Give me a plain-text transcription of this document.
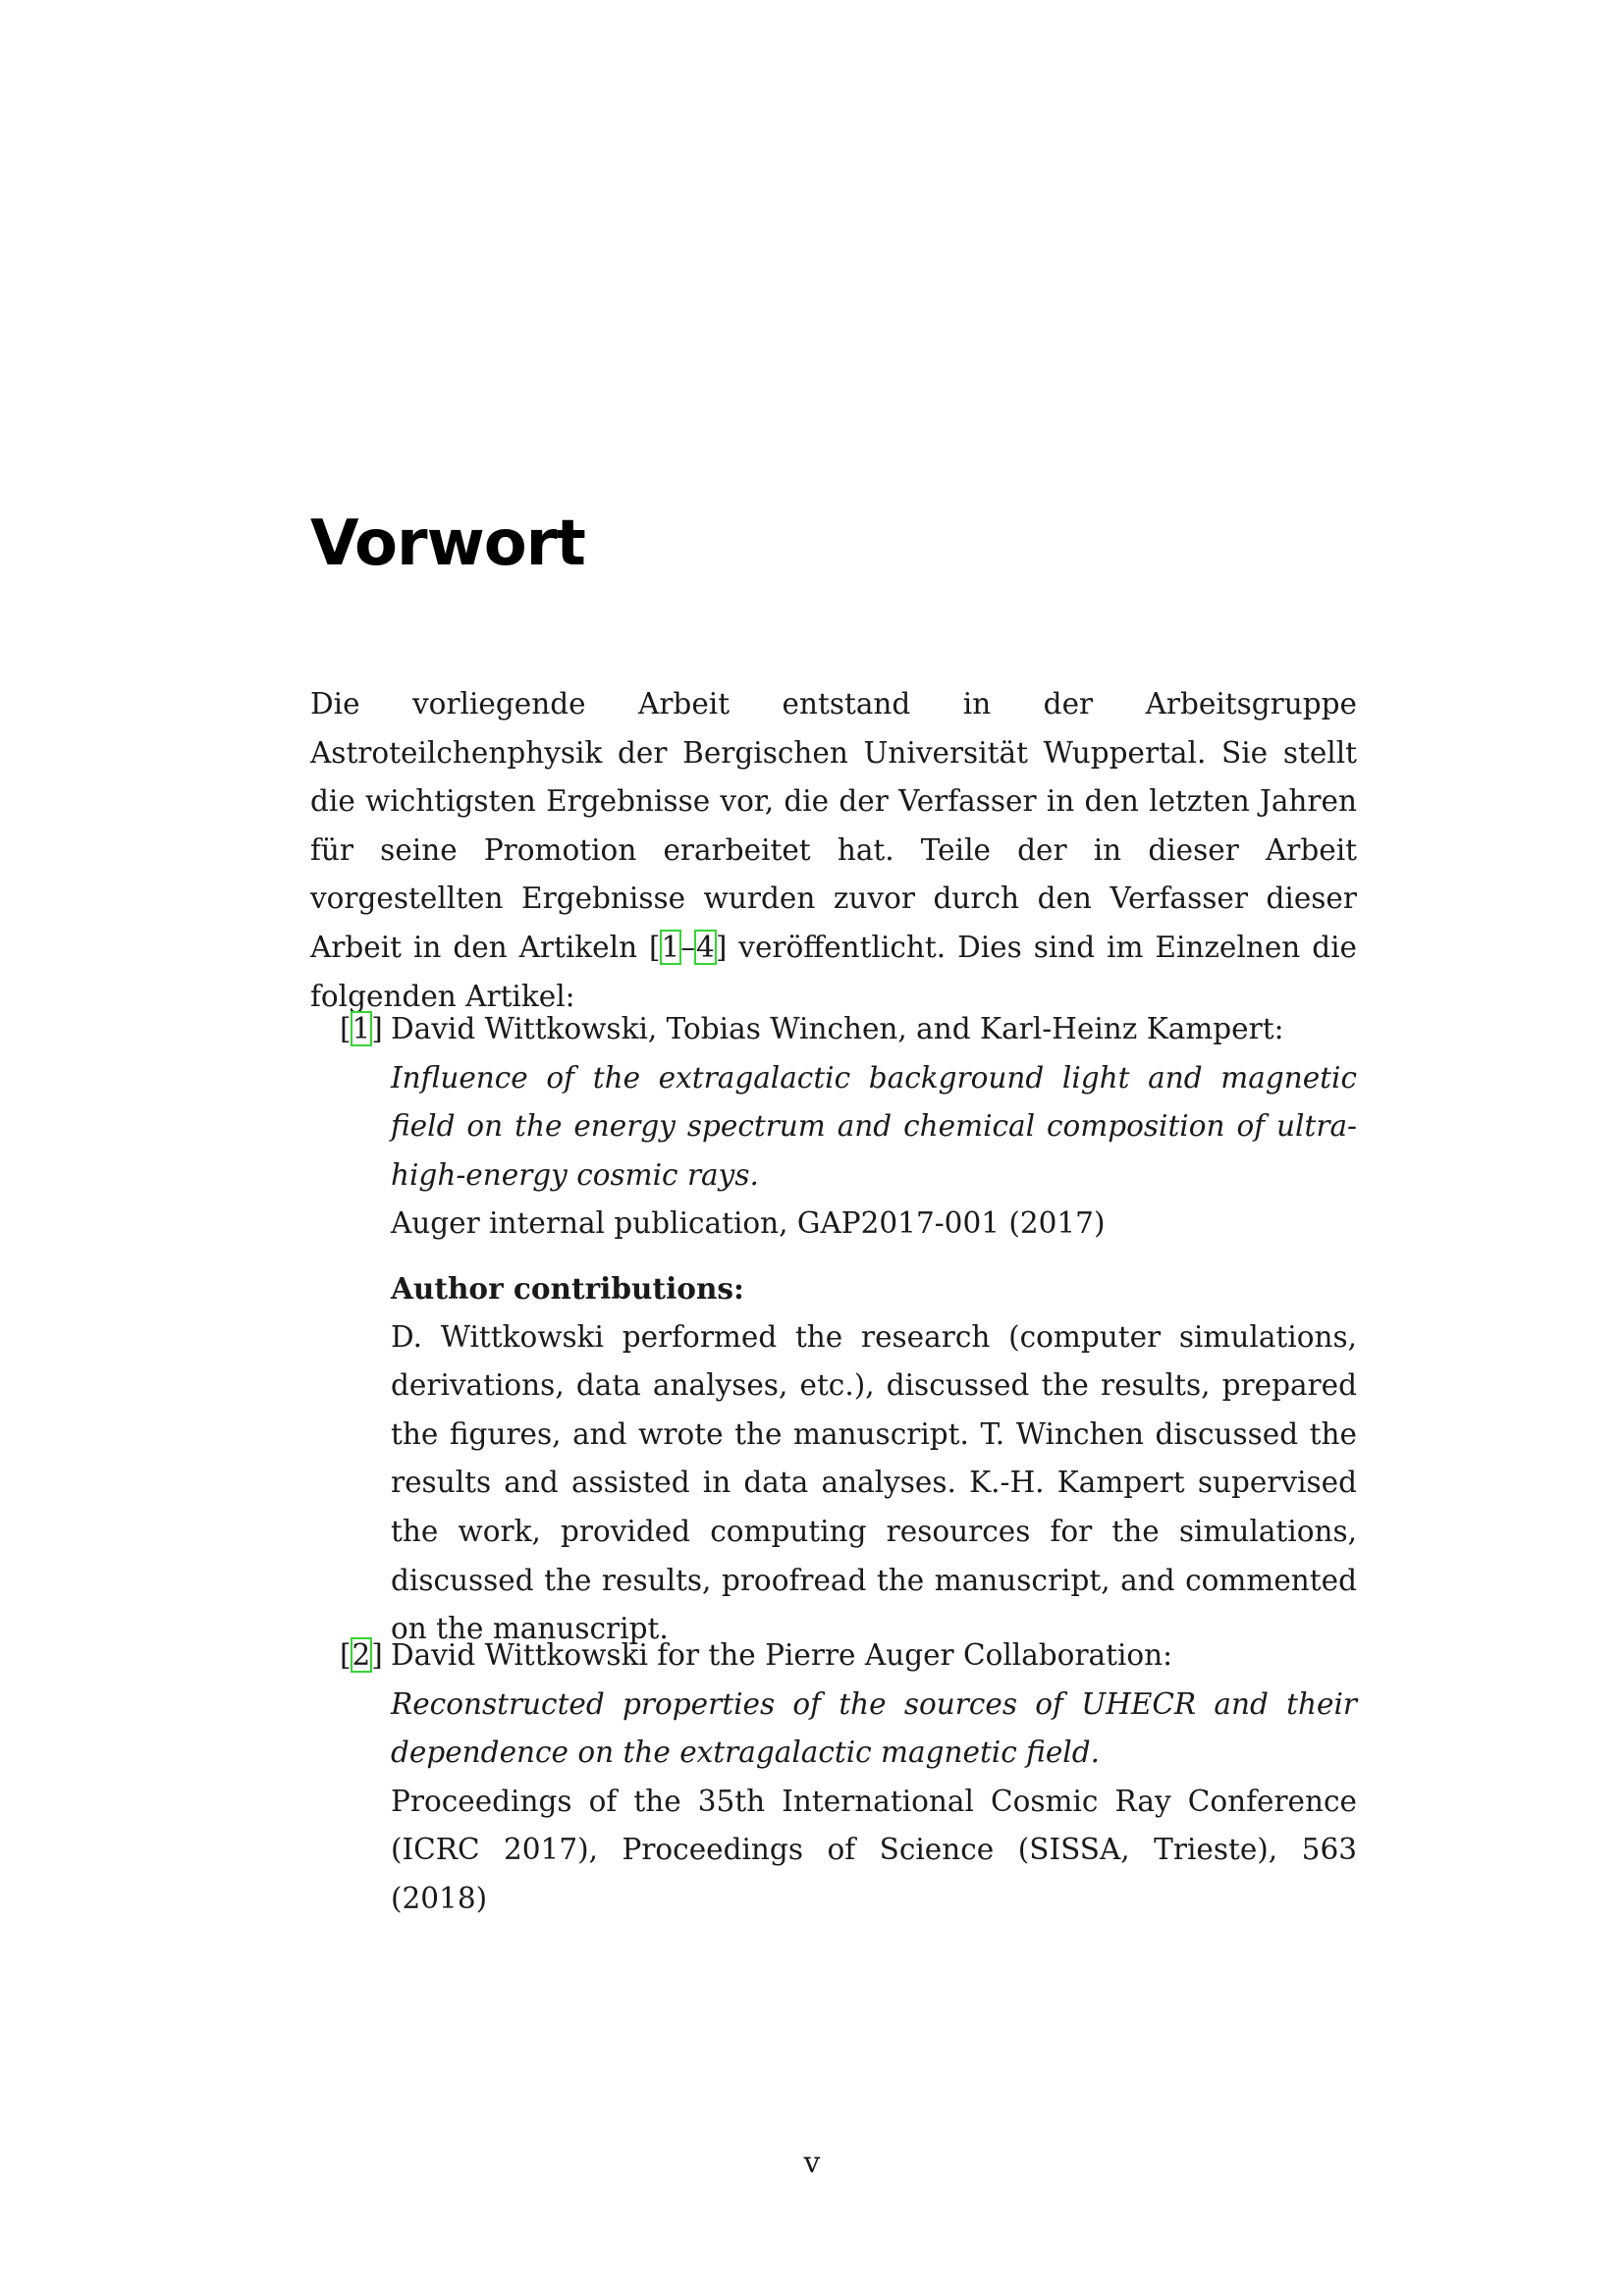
Vorwort

Die vorliegende Arbeit entstand in der Arbeitsgruppe Astroteilchenphysik der Bergischen Universität Wuppertal. Sie stellt die wichtigsten Ergebnisse vor, die der Verfasser in den letzten Jahren für seine Promotion erarbeitet hat. Teile der in dieser Arbeit vorgestellten Ergebnisse wurden zuvor durch den Verfasser dieser Arbeit in den Artikeln [1–4] veröffentlicht. Dies sind im Einzelnen die folgenden Artikel:

[1] David Wittkowski, Tobias Winchen, and Karl-Heinz Kampert:
Influence of the extragalactic background light and magnetic field on the energy spectrum and chemical composition of ultra-high-energy cosmic rays.
Auger internal publication, GAP2017-001 (2017)
Author contributions:
D. Wittkowski performed the research (computer simulations, derivations, data analyses, etc.), discussed the results, prepared the figures, and wrote the manuscript. T. Winchen discussed the results and assisted in data analyses. K.-H. Kampert supervised the work, provided computing resources for the simulations, discussed the results, proofread the manuscript, and commented on the manuscript.
[2] David Wittkowski for the Pierre Auger Collaboration:
Reconstructed properties of the sources of UHECR and their dependence on the extragalactic magnetic field.
Proceedings of the 35th International Cosmic Ray Conference (ICRC 2017), Proceedings of Science (SISSA, Trieste), 563 (2018)
v
